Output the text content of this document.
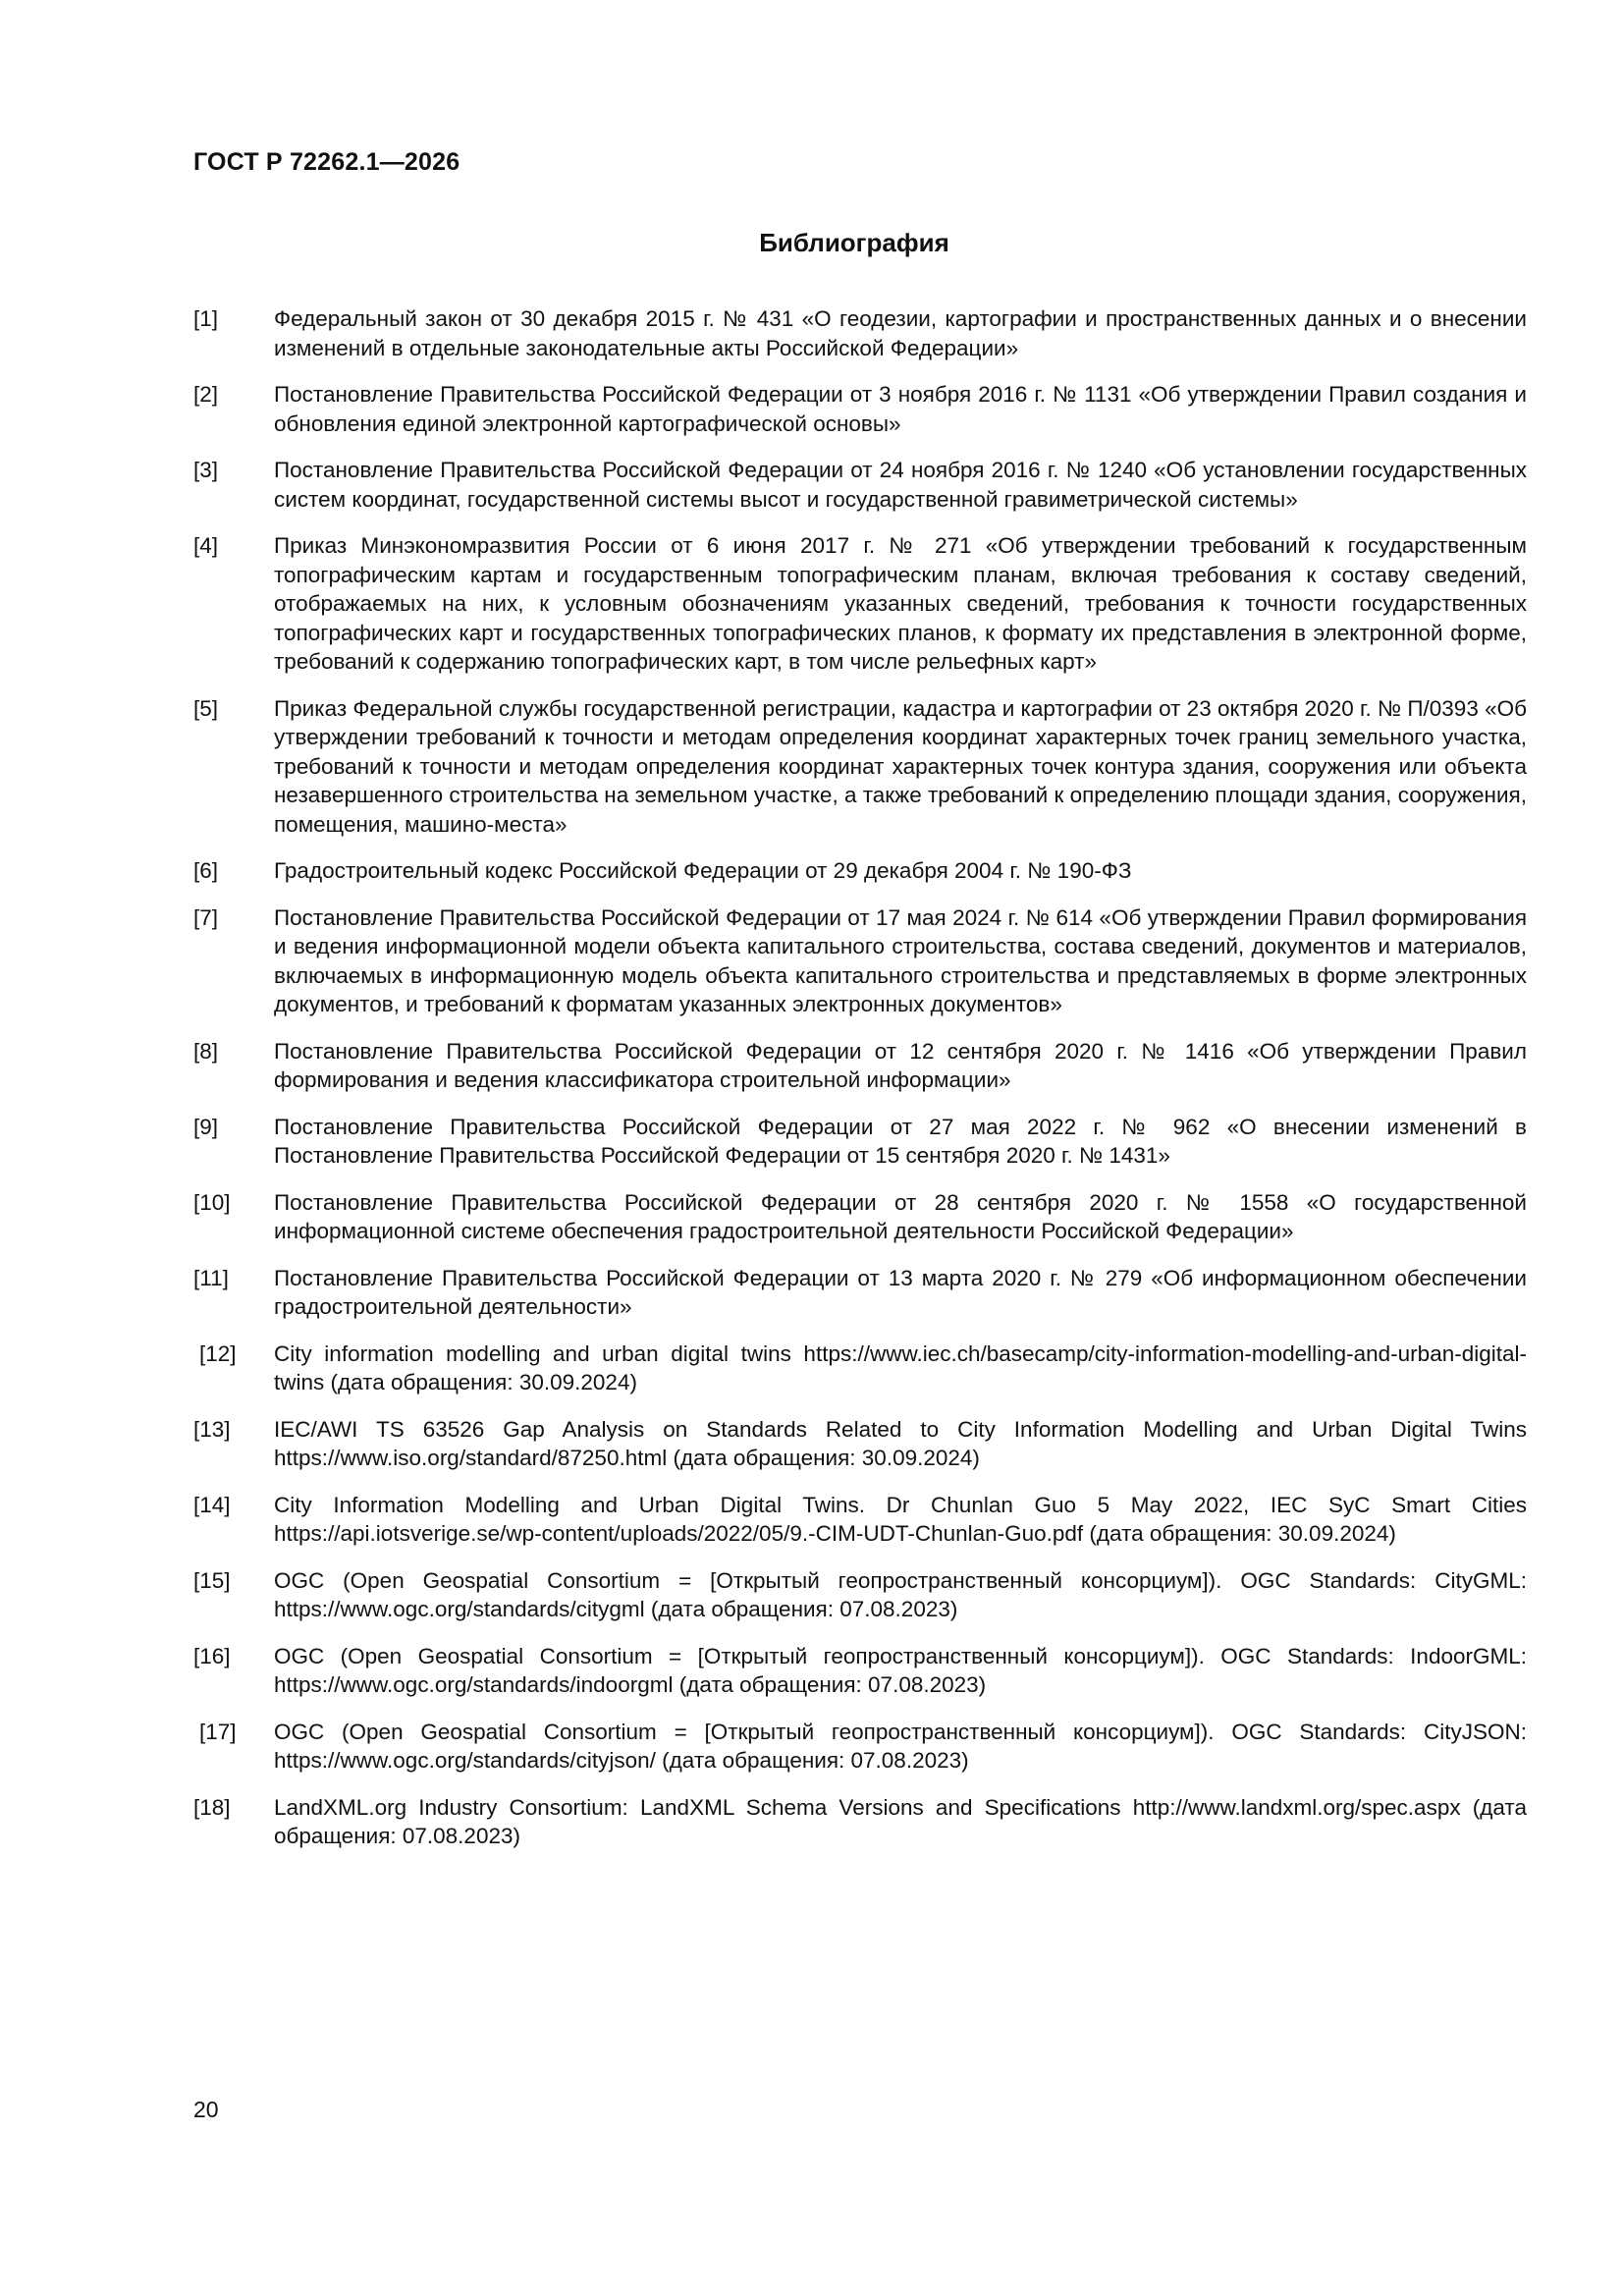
ГОСТ Р 72262.1—2026
Библиография
[1]	Федеральный закон от 30 декабря 2015 г. № 431 «О геодезии, картографии и пространственных данных и о внесении изменений в отдельные законодательные акты Российской Федерации»
[2]	Постановление Правительства Российской Федерации от 3 ноября 2016 г. № 1131 «Об утверждении Правил создания и обновления единой электронной картографической основы»
[3]	Постановление Правительства Российской Федерации от 24 ноября 2016 г. № 1240 «Об установлении государственных систем координат, государственной системы высот и государственной гравиметрической системы»
[4]	Приказ Минэкономразвития России от 6 июня 2017 г. № 271 «Об утверждении требований к государственным топографическим картам и государственным топографическим планам, включая требования к составу сведений, отображаемых на них, к условным обозначениям указанных сведений, требования к точности государственных топографических карт и государственных топографических планов, к формату их представления в электронной форме, требований к содержанию топографических карт, в том числе рельефных карт»
[5]	Приказ Федеральной службы государственной регистрации, кадастра и картографии от 23 октября 2020 г. № П/0393 «Об утверждении требований к точности и методам определения координат характерных точек границ земельного участка, требований к точности и методам определения координат характерных точек контура здания, сооружения или объекта незавершенного строительства на земельном участке, а также требований к определению площади здания, сооружения, помещения, машино-места»
[6]	Градостроительный кодекс Российской Федерации от 29 декабря 2004 г. № 190-ФЗ
[7]	Постановление Правительства Российской Федерации от 17 мая 2024 г. № 614 «Об утверждении Правил формирования и ведения информационной модели объекта капитального строительства, состава сведений, документов и материалов, включаемых в информационную модель объекта капитального строительства и представляемых в форме электронных документов, и требований к форматам указанных электронных документов»
[8]	Постановление Правительства Российской Федерации от 12 сентября 2020 г. № 1416 «Об утверждении Правил формирования и ведения классификатора строительной информации»
[9]	Постановление Правительства Российской Федерации от 27 мая 2022 г. № 962 «О внесении изменений в Постановление Правительства Российской Федерации от 15 сентября 2020 г. № 1431»
[10]	Постановление Правительства Российской Федерации от 28 сентября 2020 г. № 1558 «О государственной информационной системе обеспечения градостроительной деятельности Российской Федерации»
[11]	Постановление Правительства Российской Федерации от 13 марта 2020 г. № 279 «Об информационном обеспечении градостроительной деятельности»
[12]	City information modelling and urban digital twins https://www.iec.ch/basecamp/city-information-modelling-and-urban-digital-twins (дата обращения: 30.09.2024)
[13]	IEC/AWI TS 63526 Gap Analysis on Standards Related to City Information Modelling and Urban Digital Twins https://www.iso.org/standard/87250.html (дата обращения: 30.09.2024)
[14]	City Information Modelling and Urban Digital Twins. Dr Chunlan Guo 5 May 2022, IEC SyC Smart Cities https://api.iotsverige.se/wp-content/uploads/2022/05/9.-CIM-UDT-Chunlan-Guo.pdf (дата обращения: 30.09.2024)
[15]	OGC (Open Geospatial Consortium = [Открытый геопространственный консорциум]). OGC Standards: CityGML: https://www.ogc.org/standards/citygml (дата обращения: 07.08.2023)
[16]	OGC (Open Geospatial Consortium = [Открытый геопространственный консорциум]). OGC Standards: IndoorGML: https://www.ogc.org/standards/indoorgml (дата обращения: 07.08.2023)
[17]	OGC (Open Geospatial Consortium = [Открытый геопространственный консорциум]). OGC Standards: CityJSON: https://www.ogc.org/standards/cityjson/ (дата обращения: 07.08.2023)
[18]	LandXML.org Industry Consortium: LandXML Schema Versions and Specifications http://www.landxml.org/spec.aspx (дата обращения: 07.08.2023)
20
